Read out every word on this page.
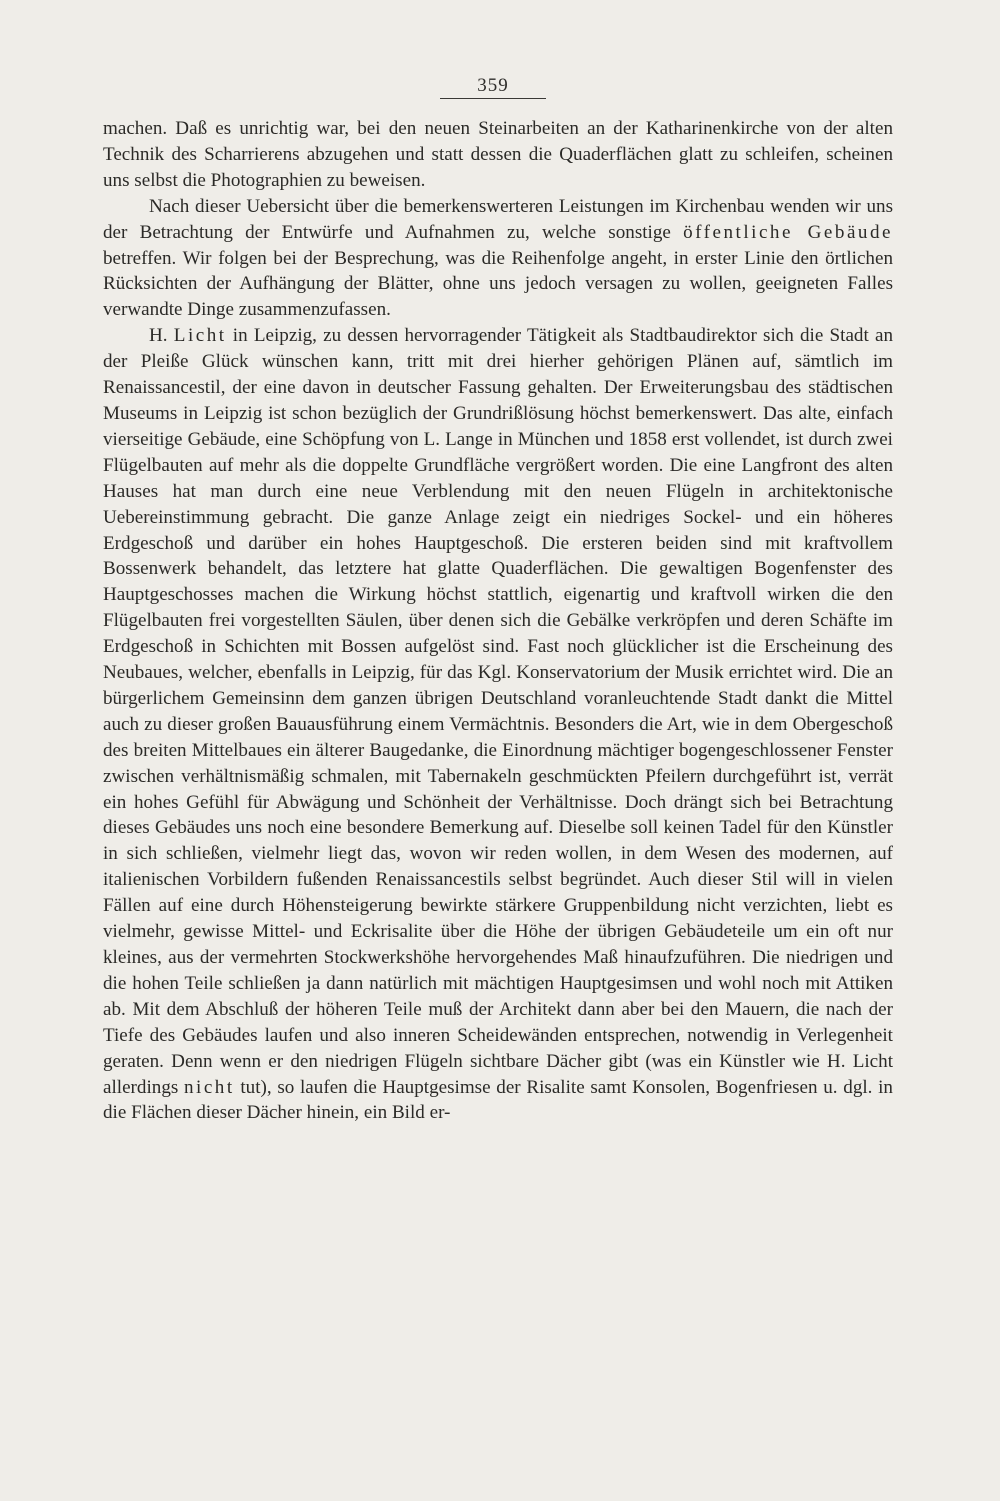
359

machen. Daß es unrichtig war, bei den neuen Steinarbeiten an der Katharinenkirche von der alten Technik des Scharrierens abzugehen und statt dessen die Quaderflächen glatt zu schleifen, scheinen uns selbst die Photographien zu beweisen.

Nach dieser Uebersicht über die bemerkenswerteren Leistungen im Kirchenbau wenden wir uns der Betrachtung der Entwürfe und Aufnahmen zu, welche sonstige öffentliche Gebäude betreffen. Wir folgen bei der Besprechung, was die Reihenfolge angeht, in erster Linie den örtlichen Rücksichten der Aufhängung der Blätter, ohne uns jedoch versagen zu wollen, geeigneten Falles verwandte Dinge zusammenzufassen.

H. Licht in Leipzig, zu dessen hervorragender Tätigkeit als Stadtbaudirektor sich die Stadt an der Pleiße Glück wünschen kann, tritt mit drei hierher gehörigen Plänen auf, sämtlich im Renaissancestil, der eine davon in deutscher Fassung gehalten. Der Erweiterungsbau des städtischen Museums in Leipzig ist schon bezüglich der Grundrißlösung höchst bemerkenswert. Das alte, einfach vierseitige Gebäude, eine Schöpfung von L. Lange in München und 1858 erst vollendet, ist durch zwei Flügelbauten auf mehr als die doppelte Grundfläche vergrößert worden. Die eine Langfront des alten Hauses hat man durch eine neue Verblendung mit den neuen Flügeln in architektonische Uebereinstimmung gebracht. Die ganze Anlage zeigt ein niedriges Sockel- und ein höheres Erdgeschoß und darüber ein hohes Hauptgeschoß. Die ersteren beiden sind mit kraftvollem Bossenwerk behandelt, das letztere hat glatte Quaderflächen. Die gewaltigen Bogenfenster des Hauptgeschosses machen die Wirkung höchst stattlich, eigenartig und kraftvoll wirken die den Flügelbauten frei vorgestellten Säulen, über denen sich die Gebälke verkröpfen und deren Schäfte im Erdgeschoß in Schichten mit Bossen aufgelöst sind. Fast noch glücklicher ist die Erscheinung des Neubaues, welcher, ebenfalls in Leipzig, für das Kgl. Konservatorium der Musik errichtet wird. Die an bürgerlichem Gemeinsinn dem ganzen übrigen Deutschland voranleuchtende Stadt dankt die Mittel auch zu dieser großen Bauausführung einem Vermächtnis. Besonders die Art, wie in dem Obergeschoß des breiten Mittelbaues ein älterer Baugedanke, die Einordnung mächtiger bogengeschlossener Fenster zwischen verhältnismäßig schmalen, mit Tabernakeln geschmückten Pfeilern durchgeführt ist, verrät ein hohes Gefühl für Abwägung und Schönheit der Verhältnisse. Doch drängt sich bei Betrachtung dieses Gebäudes uns noch eine besondere Bemerkung auf. Dieselbe soll keinen Tadel für den Künstler in sich schließen, vielmehr liegt das, wovon wir reden wollen, in dem Wesen des modernen, auf italienischen Vorbildern fußenden Renaissancestils selbst begründet. Auch dieser Stil will in vielen Fällen auf eine durch Höhensteigerung bewirkte stärkere Gruppenbildung nicht verzichten, liebt es vielmehr, gewisse Mittel- und Eckrisalite über die Höhe der übrigen Gebäudeteile um ein oft nur kleines, aus der vermehrten Stockwerkshöhe hervorgehendes Maß hinaufzuführen. Die niedrigen und die hohen Teile schließen ja dann natürlich mit mächtigen Hauptgesimsen und wohl noch mit Attiken ab. Mit dem Abschluß der höheren Teile muß der Architekt dann aber bei den Mauern, die nach der Tiefe des Gebäudes laufen und also inneren Scheidewänden entsprechen, notwendig in Verlegenheit geraten. Denn wenn er den niedrigen Flügeln sichtbare Dächer gibt (was ein Künstler wie H. Licht allerdings nicht tut), so laufen die Hauptgesimse der Risalite samt Konsolen, Bogenfriesen u. dgl. in die Flächen dieser Dächer hinein, ein Bild er-
